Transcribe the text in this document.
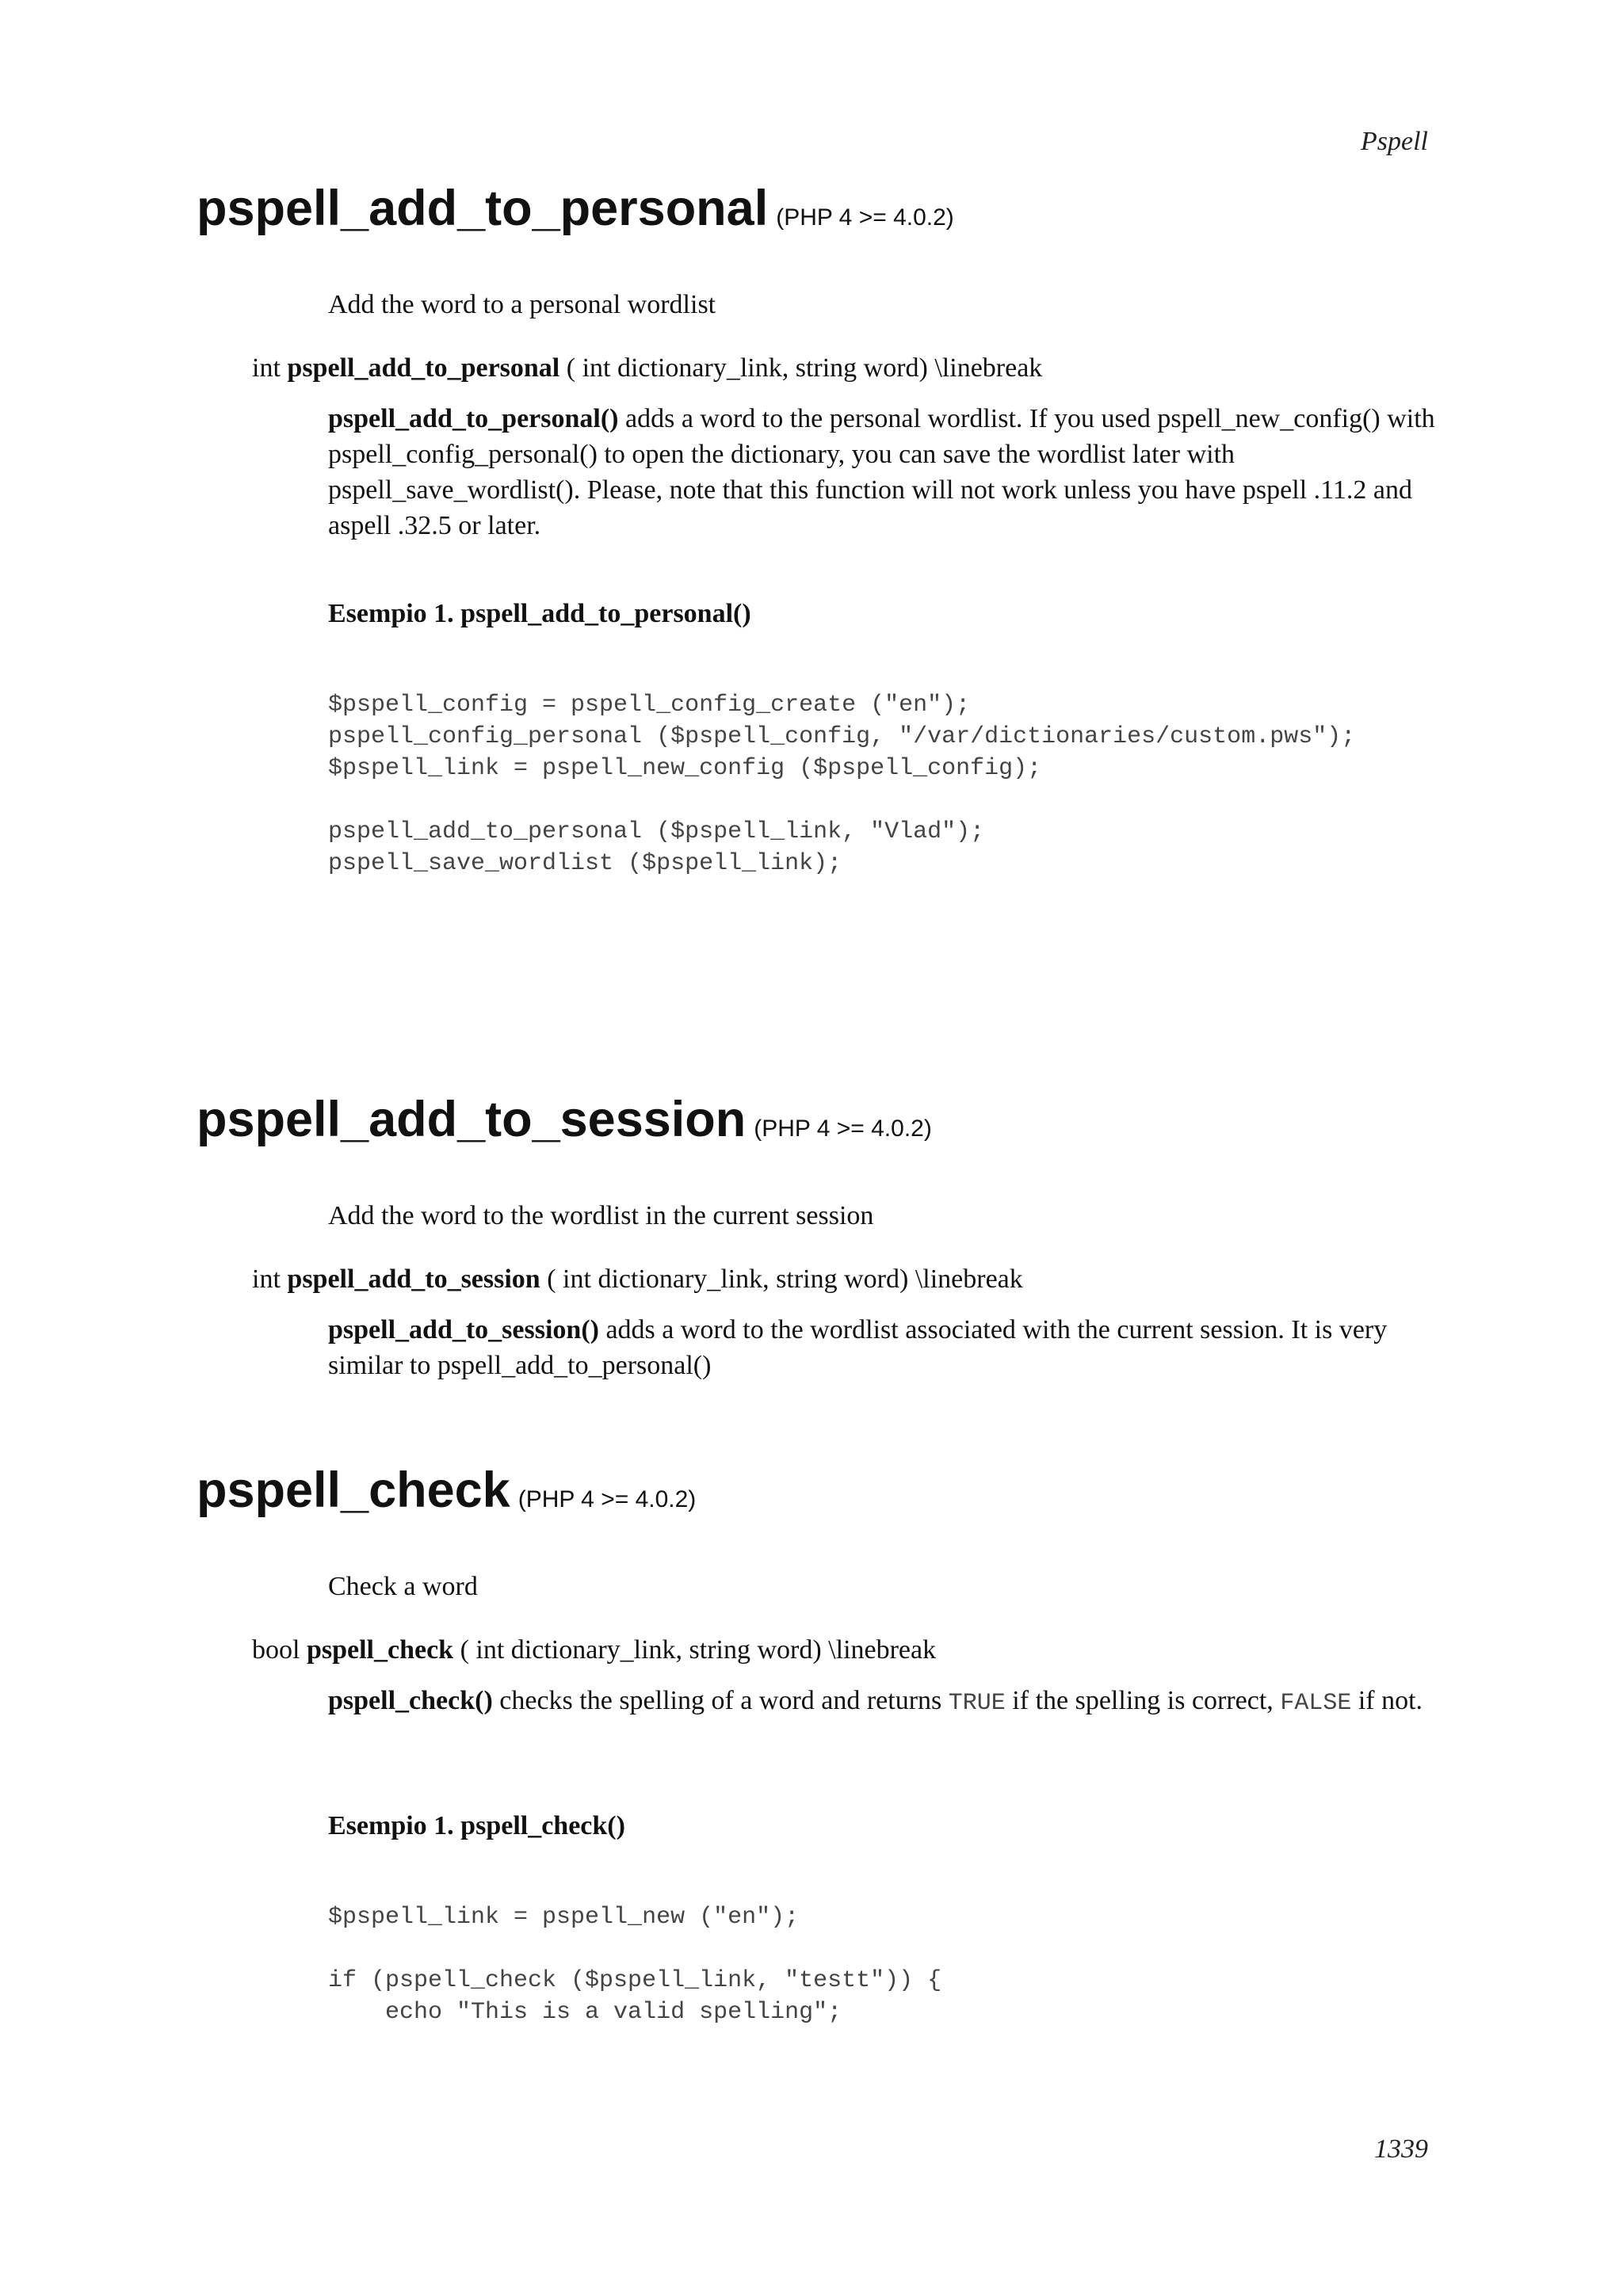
Pspell
pspell_add_to_personal (PHP 4 >= 4.0.2)
Add the word to a personal wordlist
int pspell_add_to_personal ( int dictionary_link, string word) \linebreak
pspell_add_to_personal() adds a word to the personal wordlist. If you used pspell_new_config() with pspell_config_personal() to open the dictionary, you can save the wordlist later with pspell_save_wordlist(). Please, note that this function will not work unless you have pspell .11.2 and aspell .32.5 or later.
Esempio 1. pspell_add_to_personal()
$pspell_config = pspell_config_create ("en");
pspell_config_personal ($pspell_config, "/var/dictionaries/custom.pws");
$pspell_link = pspell_new_config ($pspell_config);

pspell_add_to_personal ($pspell_link, "Vlad");
pspell_save_wordlist ($pspell_link);
pspell_add_to_session (PHP 4 >= 4.0.2)
Add the word to the wordlist in the current session
int pspell_add_to_session ( int dictionary_link, string word) \linebreak
pspell_add_to_session() adds a word to the wordlist associated with the current session. It is very similar to pspell_add_to_personal()
pspell_check (PHP 4 >= 4.0.2)
Check a word
bool pspell_check ( int dictionary_link, string word) \linebreak
pspell_check() checks the spelling of a word and returns TRUE if the spelling is correct, FALSE if not.
Esempio 1. pspell_check()
$pspell_link = pspell_new ("en");

if (pspell_check ($pspell_link, "testt")) {
echo "This is a valid spelling";
1339
